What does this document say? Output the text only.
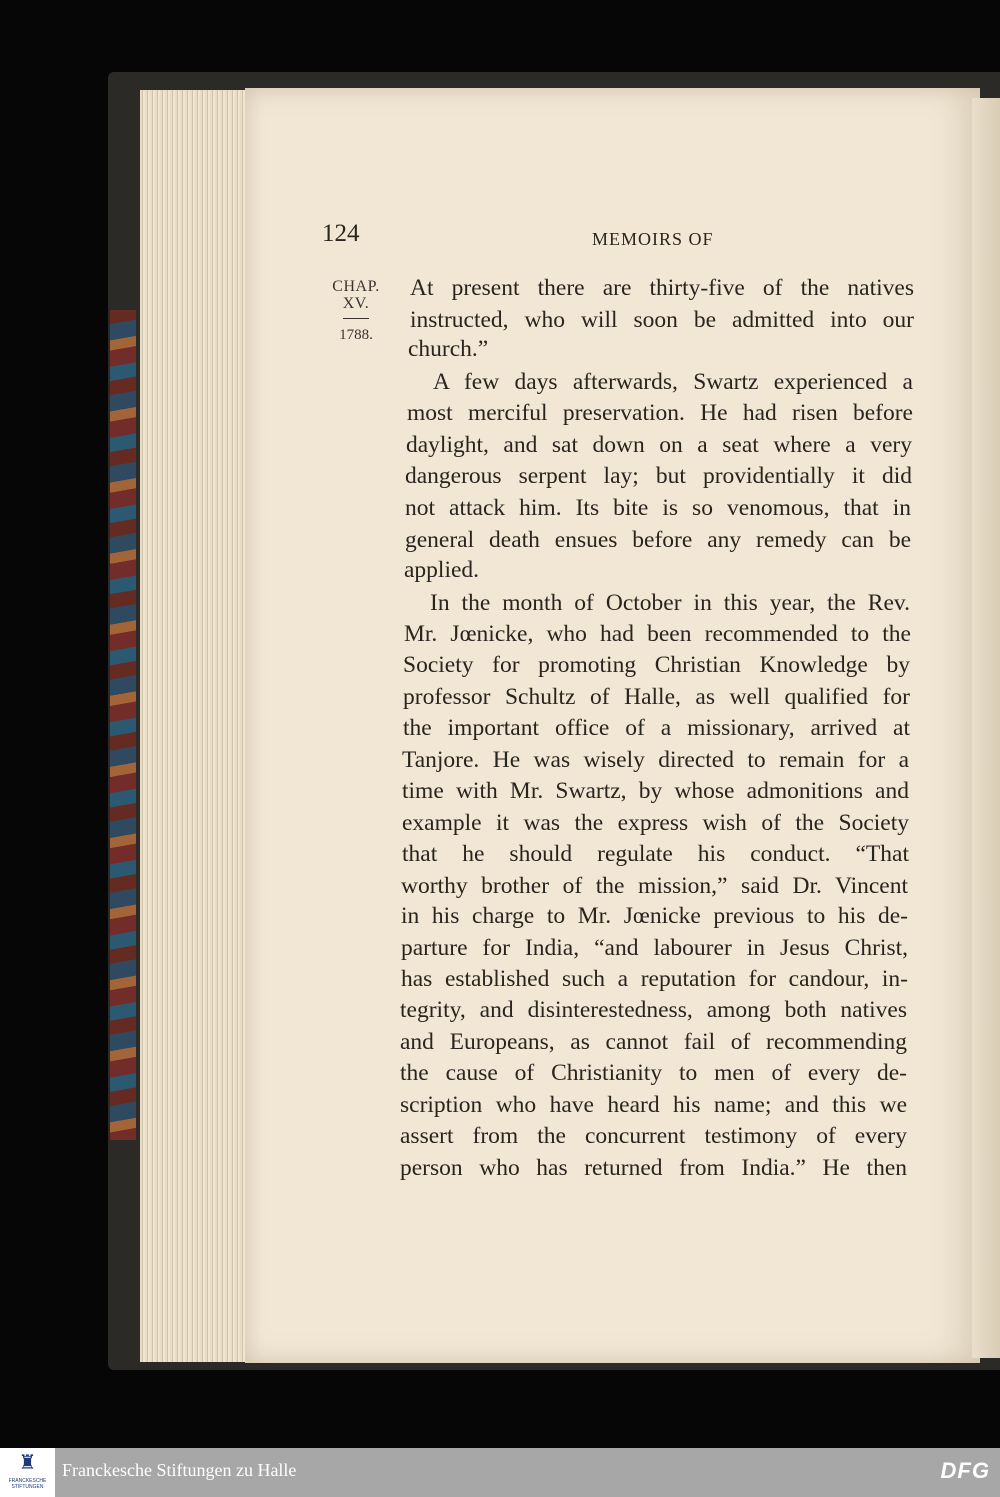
124	MEMOIRS OF
CHAP.
XV.
1788.
At present there are thirty-five of the natives
instructed, who will soon be admitted into our
church.”
A few days afterwards, Swartz experienced a
most merciful preservation. He had risen before
daylight, and sat down on a seat where a very
dangerous serpent lay; but providentially it did
not attack him. Its bite is so venomous, that in
general death ensues before any remedy can be
applied.
In the month of October in this year, the Rev.
Mr. Jœnicke, who had been recommended to the
Society for promoting Christian Knowledge by
professor Schultz of Halle, as well qualified for
the important office of a missionary, arrived at
Tanjore. He was wisely directed to remain for a
time with Mr. Swartz, by whose admonitions and
example it was the express wish of the Society
that he should regulate his conduct. “That
worthy brother of the mission,” said Dr. Vincent
in his charge to Mr. Jœnicke previous to his de-
parture for India, “and labourer in Jesus Christ,
has established such a reputation for candour, in-
tegrity, and disinterestedness, among both natives
and Europeans, as cannot fail of recommending
the cause of Christianity to men of every de-
scription who have heard his name; and this we
assert from the concurrent testimony of every
person who has returned from India.” He then
♜
FRANCKESCHE STIFTUNGEN
Franckesche Stiftungen zu Halle	DFG
